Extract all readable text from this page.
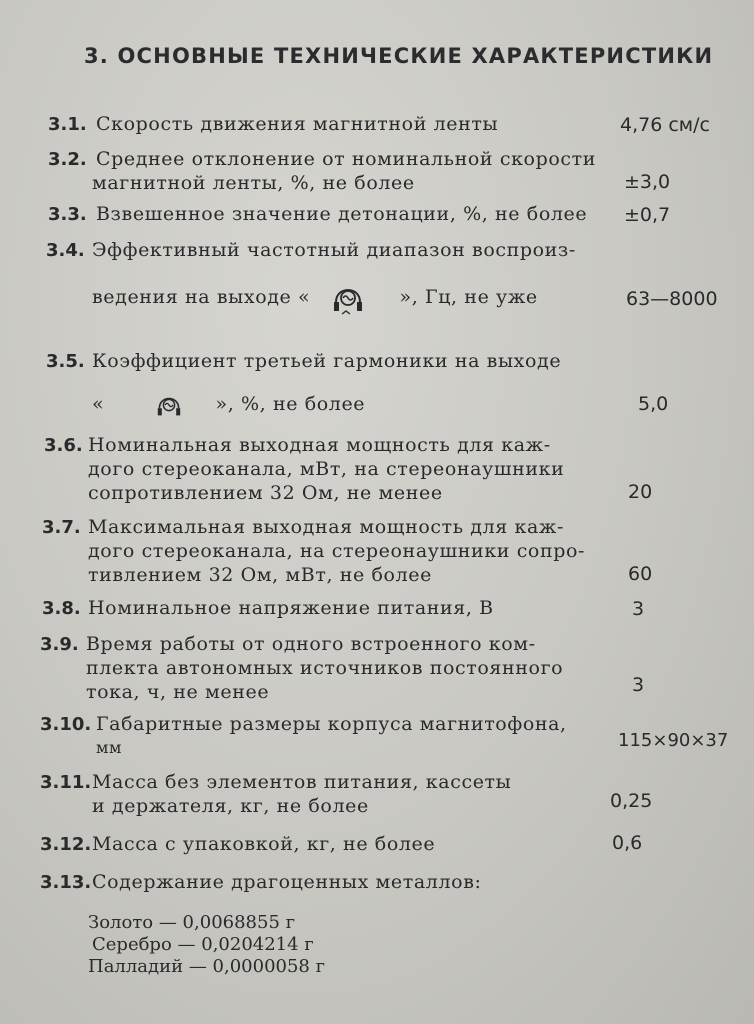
3. ОСНОВНЫЕ ТЕХНИЧЕСКИЕ ХАРАКТЕРИСТИКИ
3.1. Скорость движения магнитной ленты	4,76 см/с
3.2. Среднее отклонение от номинальной скорости
магнитной ленты, %, не более	±3,0
3.3. Взвешенное значение детонации, %, не более ±0,7
3.4. Эффективный частотный диапазон воспроиз-
ведения на выходе «	», Гц, не уже	63—8000
3.5. Коэффициент третьей гармоники на выходе
«	», %, не более	5,0
3.6. Номинальная выходная мощность для каж-
дого стереоканала, мВт, на стереонаушники
сопротивлением 32 Ом, не менее	20
3.7. Максимальная выходная мощность для каж-
дого стереоканала, на стереонаушники сопро-
тивлением 32 Ом, мВт, не более	60
3.8. Номинальное напряжение питания, В	3
3.9. Время работы от одного встроенного ком-
плекта автономных источников постоянного
тока, ч, не менее	3
3.10. Габаритные размеры корпуса магнитофона,
мм	115×90×37
3.11. Масса без элементов питания, кассеты
и держателя, кг, не более	0,25
3.12. Масса с упаковкой, кг, не более	0,6
3.13. Содержание драгоценных металлов:
Золото — 0,0068855 г
Серебро — 0,0204214 г
Палладий — 0,0000058 г
